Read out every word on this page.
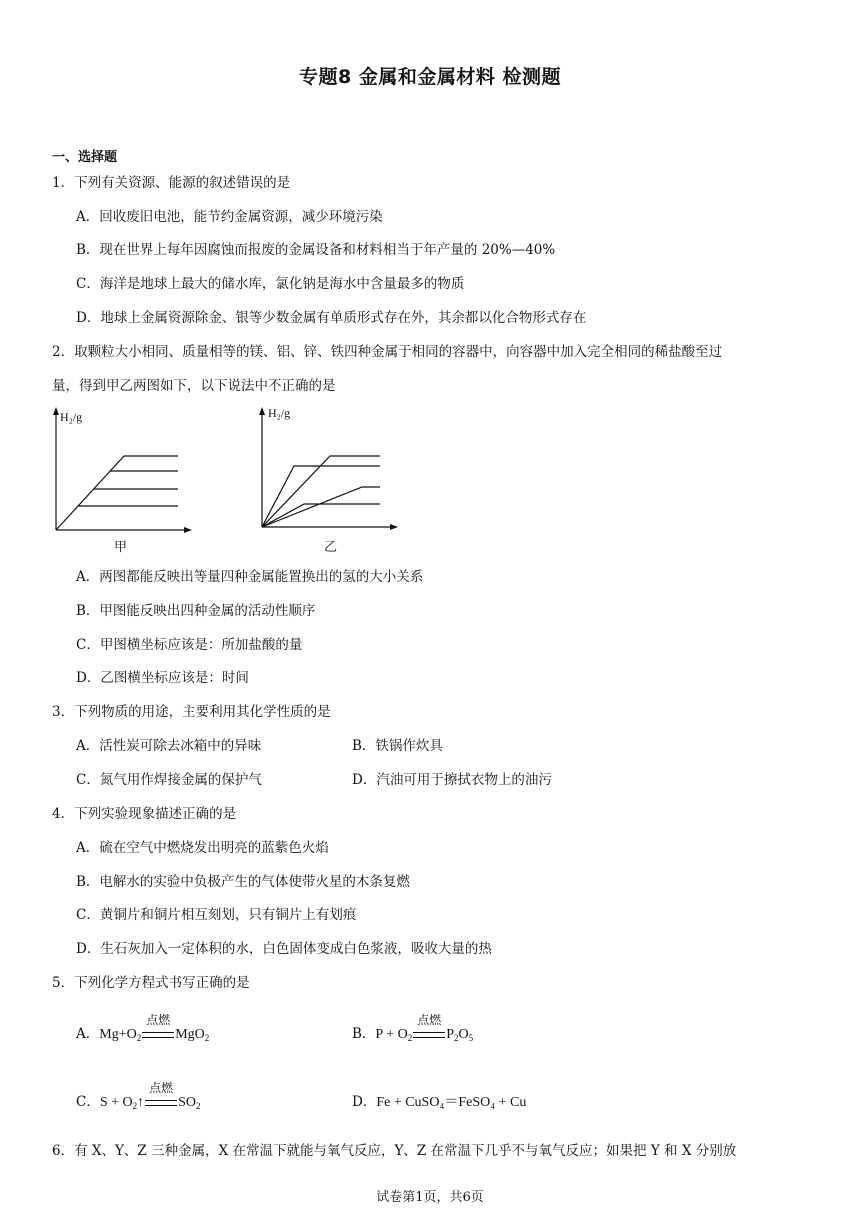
专题8 金属和金属材料 检测题
一、选择题
1．下列有关资源、能源的叙述错误的是
A．回收废旧电池，能节约金属资源，减少环境污染
B．现在世界上每年因腐蚀而报废的金属设备和材料相当于年产量的 20%—40%
C．海洋是地球上最大的储水库，氯化钠是海水中含量最多的物质
D．地球上金属资源除金、银等少数金属有单质形式存在外，其余都以化合物形式存在
2．取颗粒大小相同、质量相等的镁、铝、锌、铁四种金属于相同的容器中，向容器中加入完全相同的稀盐酸至过
量，得到甲乙两图如下，以下说法中不正确的是
H₂/g
甲
H₂/g
乙
A．两图都能反映出等量四种金属能置换出的氢的大小关系
B．甲图能反映出四种金属的活动性顺序
C．甲图横坐标应该是：所加盐酸的量
D．乙图横坐标应该是：时间
3．下列物质的用途，主要利用其化学性质的是
A．活性炭可除去冰箱中的异味	B．铁锅作炊具
C．氮气用作焊接金属的保护气	D．汽油可用于擦拭衣物上的油污
4．下列实验现象描述正确的是
A．硫在空气中燃烧发出明亮的蓝紫色火焰
B．电解水的实验中负极产生的气体使带火星的木条复燃
C．黄铜片和铜片相互刻划，只有铜片上有划痕
D．生石灰加入一定体积的水，白色固体变成白色浆液，吸收大量的热
5．下列化学方程式书写正确的是
A．$Mg+O_2$
点燃
MgO$_2$	B．$P + O_2$
点燃
$P_2O_5$
C．$S + O_2↑$
点燃
$SO_2$	D．Fe + CuSO₄＝FeSO₄ + Cu
6．有 X、Y、Z 三种金属，X 在常温下就能与氧气反应，Y、Z 在常温下几乎不与氧气反应；如果把 Y 和 X 分别放
试卷第1页，共6页
